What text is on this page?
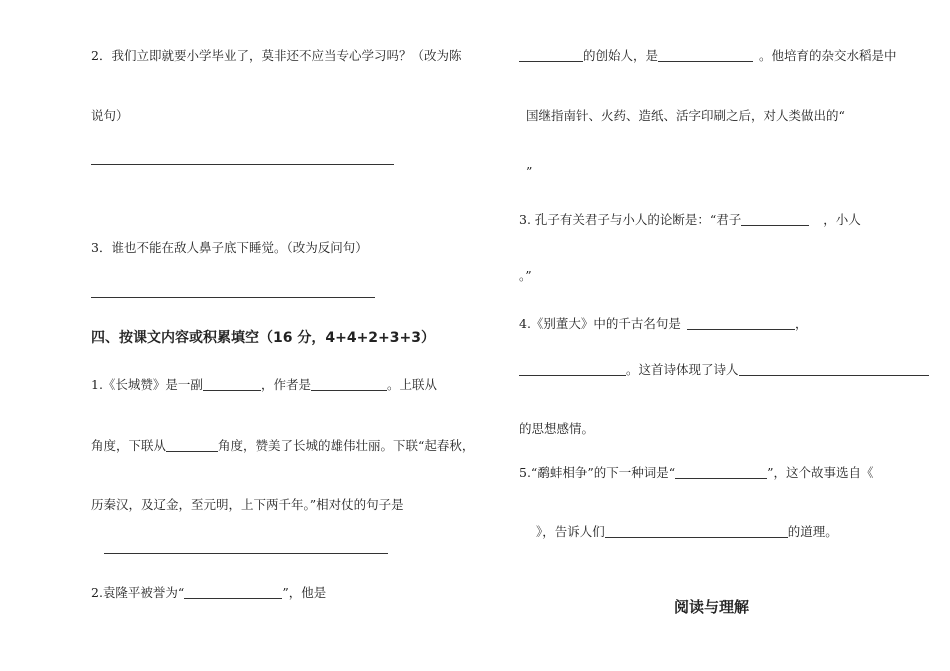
2．我们立即就要小学毕业了，莫非还不应当专心学习吗？（改为陈
说句）
3．谁也不能在敌人鼻子底下睡觉。（改为反问句）
四、按课文内容或积累填空（16 分，4+4+2+3+3）
1.《长城赞》是一副	，作者是	。上联从
角度，下联从	角度，赞美了长城的雄伟壮丽。下联“起春秋，
历秦汉，及辽金，至元明，上下两千年。”相对仗的句子是
2.袁隆平被誉为“	”，他是
的创始人，是	。他培育的杂交水稻是中
国继指南针、火药、造纸、活字印刷之后，对人类做出的“
”
3. 孔子有关君子与小人的论断是：“君子	，小人
。”
4.《别董大》中的千古名句是	，
。这首诗体现了诗人
的思想感情。
5.“鹬蚌相争”的下一种词是“	”，这个故事选自《
》，告诉人们	的道理。
阅读与理解
